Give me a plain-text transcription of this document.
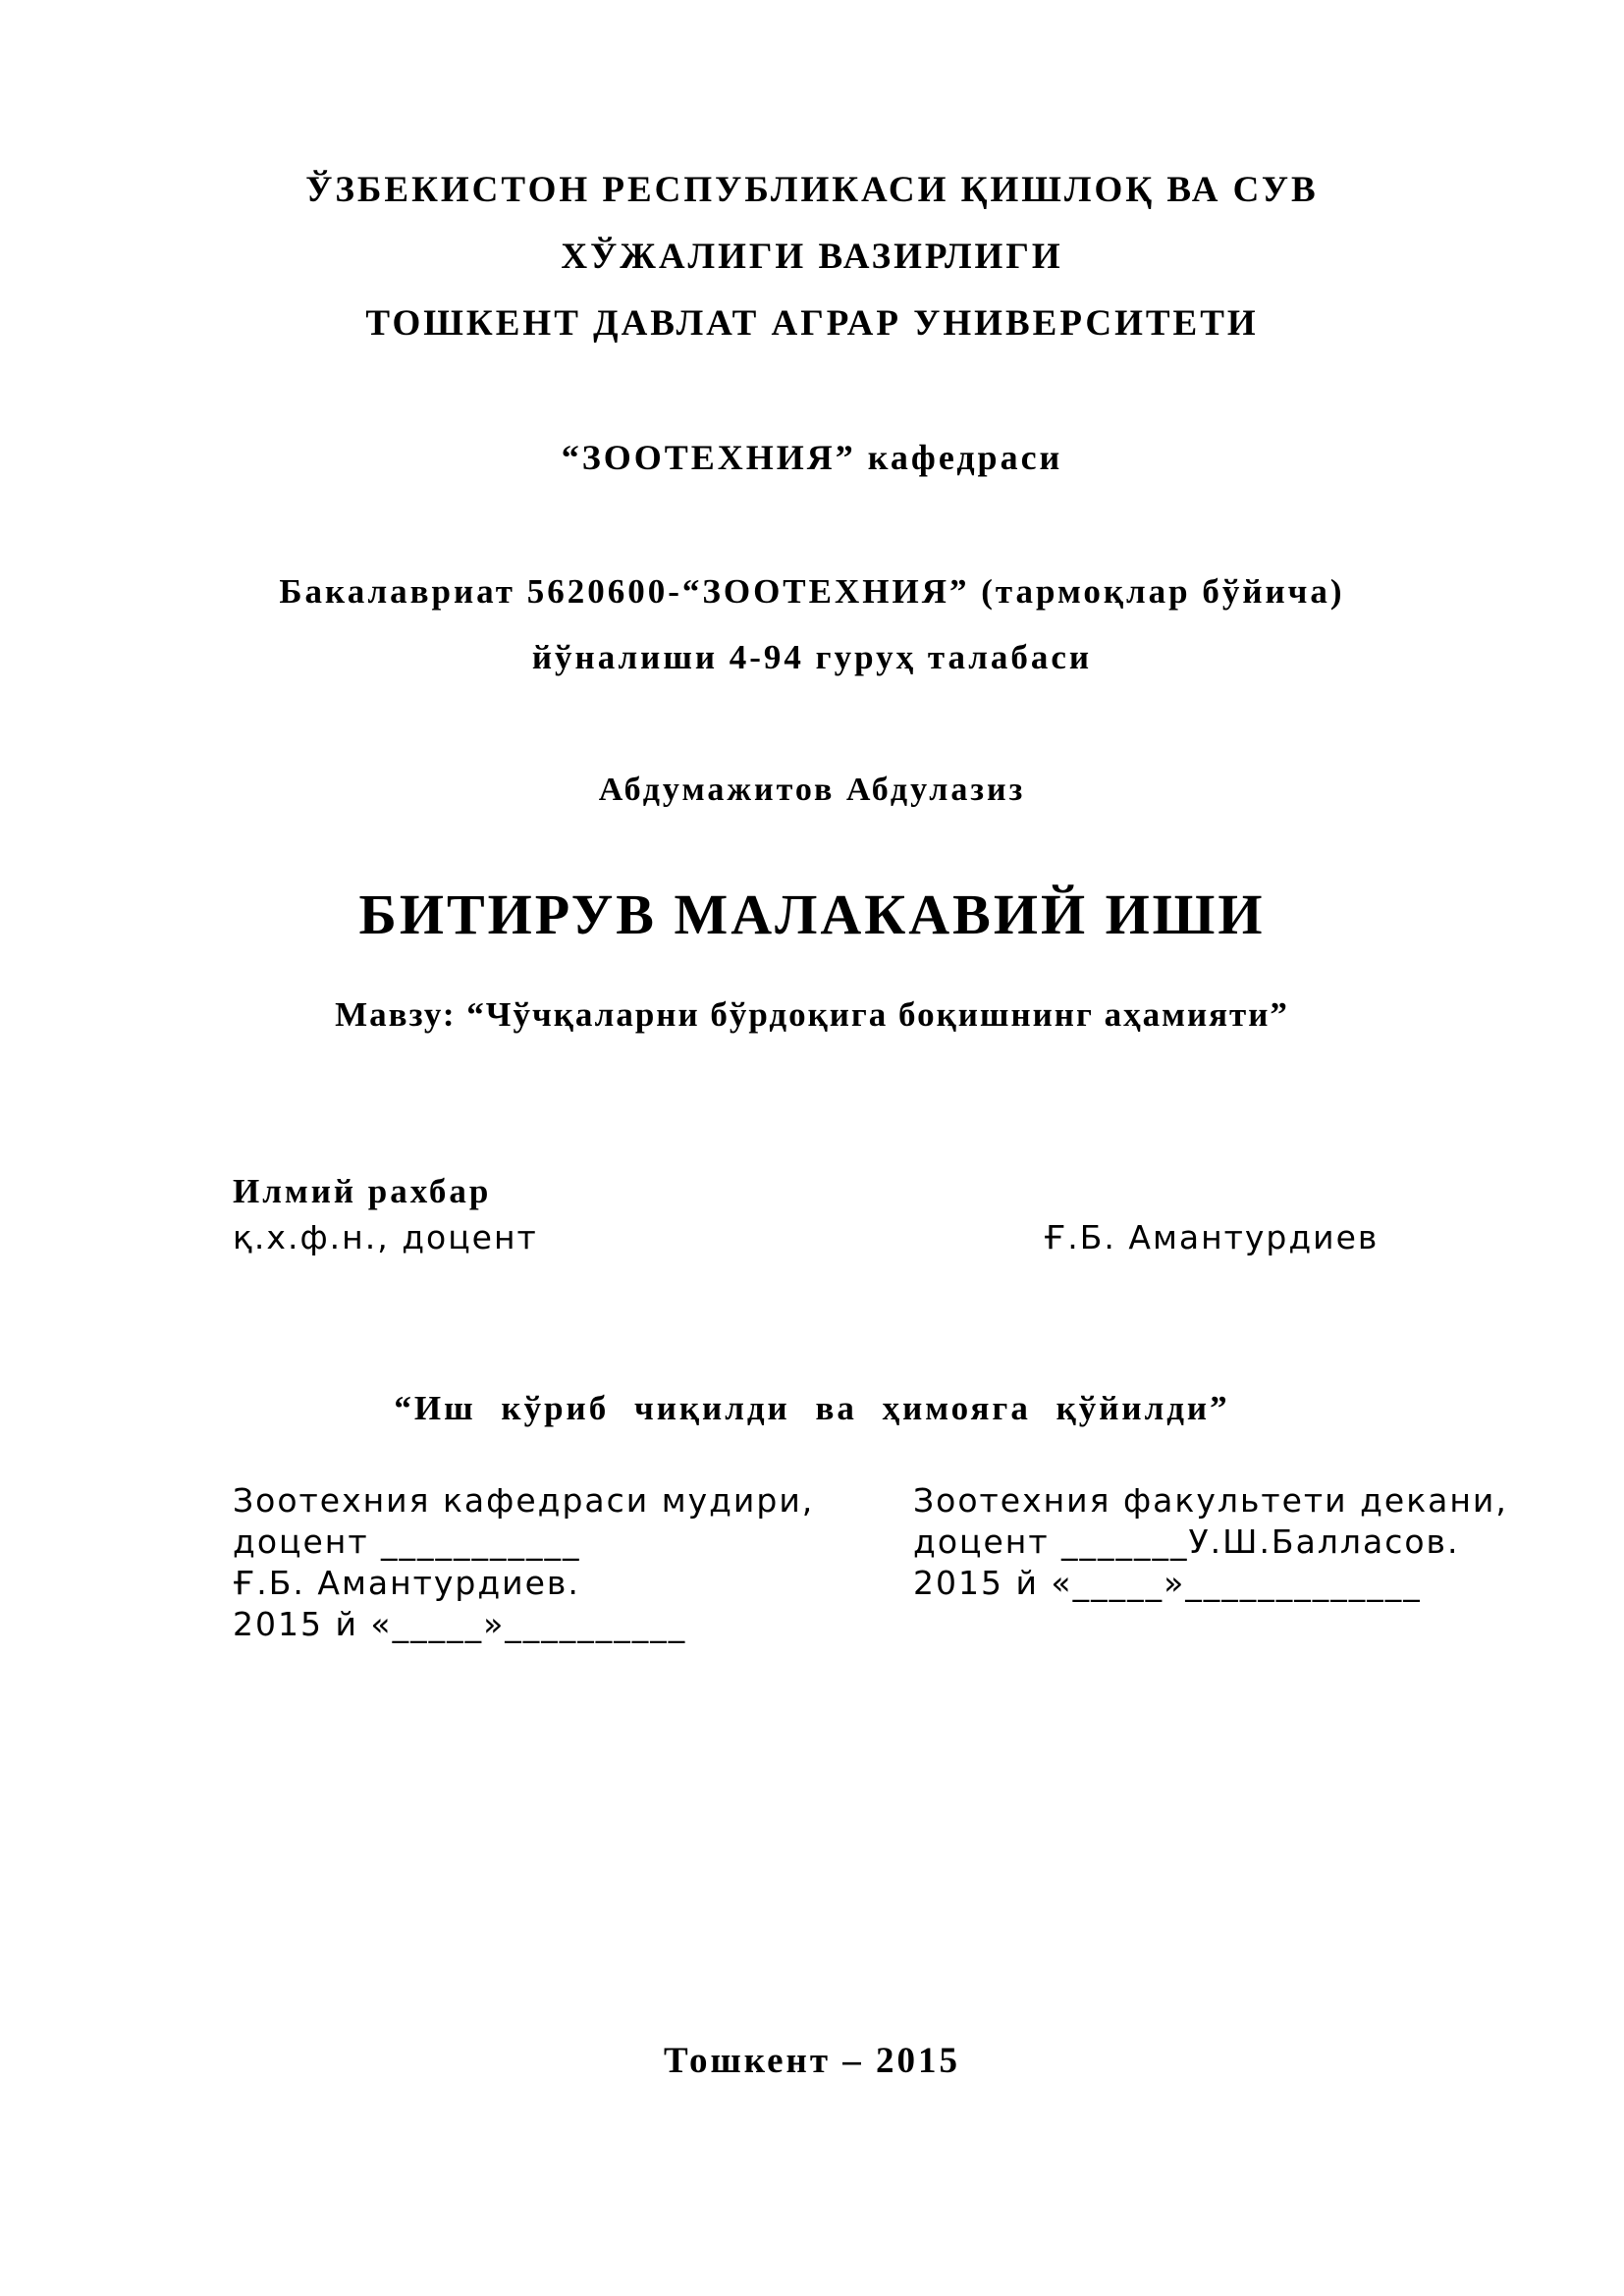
ЎЗБЕКИСТОН РЕСПУБЛИКАСИ ҚИШЛОҚ ВА СУВ
ХЎЖАЛИГИ ВАЗИРЛИГИ
ТОШКЕНТ ДАВЛАТ АГРАР УНИВЕРСИТЕТИ
“ЗООТЕХНИЯ” кафедраси
Бакалавриат 5620600-“ЗООТЕХНИЯ” (тармоқлар бўйича)
йўналиши 4-94 гуруҳ талабаси
Абдумажитов Абдулазиз
БИТИРУВ МАЛАКАВИЙ ИШИ
Мавзу: “Чўчқаларни бўрдоқига боқишнинг аҳамияти”
Илмий рахбар
қ.х.ф.н., доцент	Ғ.Б. Амантурдиев
“Иш кўриб чиқилди ва ҳимояга қўйилди”
Зоотехния кафедраси мудири,
доцент ___________
Ғ.Б. Амантурдиев.
2015 й «_____»__________
Зоотехния факультети декани,
доцент _______У.Ш.Балласов.
2015 й «_____»_____________
Тошкент – 2015
